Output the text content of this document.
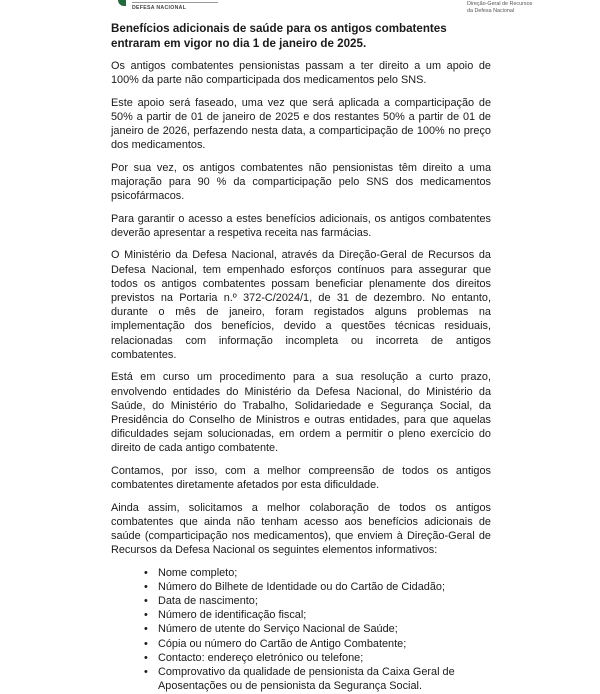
DEFESA NACIONAL
Direção-Geral de Recursos
da Defesa Nacional
Benefícios adicionais de saúde para os antigos combatentes entraram em vigor no dia 1 de janeiro de 2025.

Os antigos combatentes pensionistas passam a ter direito a um apoio de 100% da parte não comparticipada dos medicamentos pelo SNS.

Este apoio será faseado, uma vez que será aplicada a comparticipação de 50% a partir de 01 de janeiro de 2025 e dos restantes 50% a partir de 01 de janeiro de 2026, perfazendo nesta data, a comparticipação de 100% no preço dos medicamentos.

Por sua vez, os antigos combatentes não pensionistas têm direito a uma majoração para 90 % da comparticipação pelo SNS dos medicamentos psicofármacos.

Para garantir o acesso a estes benefícios adicionais, os antigos combatentes deverão apresentar a respetiva receita nas farmácias.

O Ministério da Defesa Nacional, através da Direção-Geral de Recursos da Defesa Nacional, tem empenhado esforços contínuos para assegurar que todos os antigos combatentes possam beneficiar plenamente dos direitos previstos na Portaria n.º 372-C/2024/1, de 31 de dezembro. No entanto, durante o mês de janeiro, foram registados alguns problemas na implementação dos benefícios, devido a questões técnicas residuais, relacionadas com informação incompleta ou incorreta de antigos combatentes.

Está em curso um procedimento para a sua resolução a curto prazo, envolvendo entidades do Ministério da Defesa Nacional, do Ministério da Saúde, do Ministério do Trabalho, Solidariedade e Segurança Social, da Presidência do Conselho de Ministros e outras entidades, para que aquelas dificuldades sejam solucionadas, em ordem a permitir o pleno exercício do direito de cada antigo combatente.

Contamos, por isso, com a melhor compreensão de todos os antigos combatentes diretamente afetados por esta dificuldade.

Ainda assim, solicitamos a melhor colaboração de todos os antigos combatentes que ainda não tenham acesso aos benefícios adicionais de saúde (comparticipação nos medicamentos), que enviem à Direção-Geral de Recursos da Defesa Nacional os seguintes elementos informativos:

• Nome completo;
• Número do Bilhete de Identidade ou do Cartão de Cidadão;
• Data de nascimento;
• Número de identificação fiscal;
• Número de utente do Serviço Nacional de Saúde;
• Cópia ou número do Cartão de Antigo Combatente;
• Contacto: endereço eletrónico ou telefone;
• Comprovativo da qualidade de pensionista da Caixa Geral de Aposentações ou de pensionista da Segurança Social.
